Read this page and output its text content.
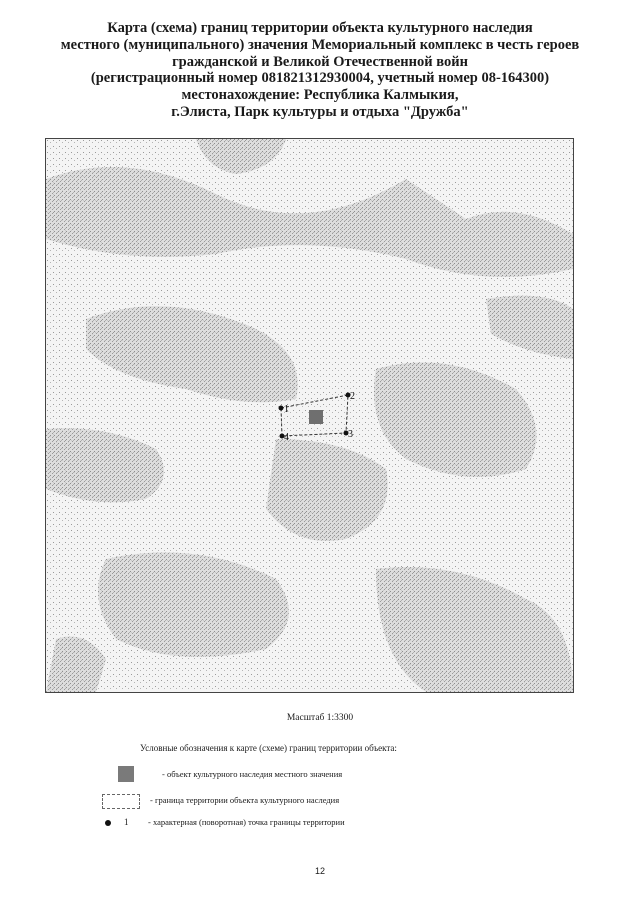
Карта (схема) границ территории объекта культурного наследия
местного (муниципального) значения Мемориальный комплекс в честь героев
гражданской и Великой Отечественной войн
(регистрационный номер 081821312930004, учетный номер 08-164300)
местонахождение: Республика Калмыкия,
г.Элиста, Парк культуры и отдыха "Дружба"
1
2
3
4
Масштаб 1:3300
Условные обозначения к карте (схеме) границ территории объекта:
- объект культурного наследия местного значения
- граница территории объекта культурного наследия
1 - характерная (поворотная) точка границы территории
12
